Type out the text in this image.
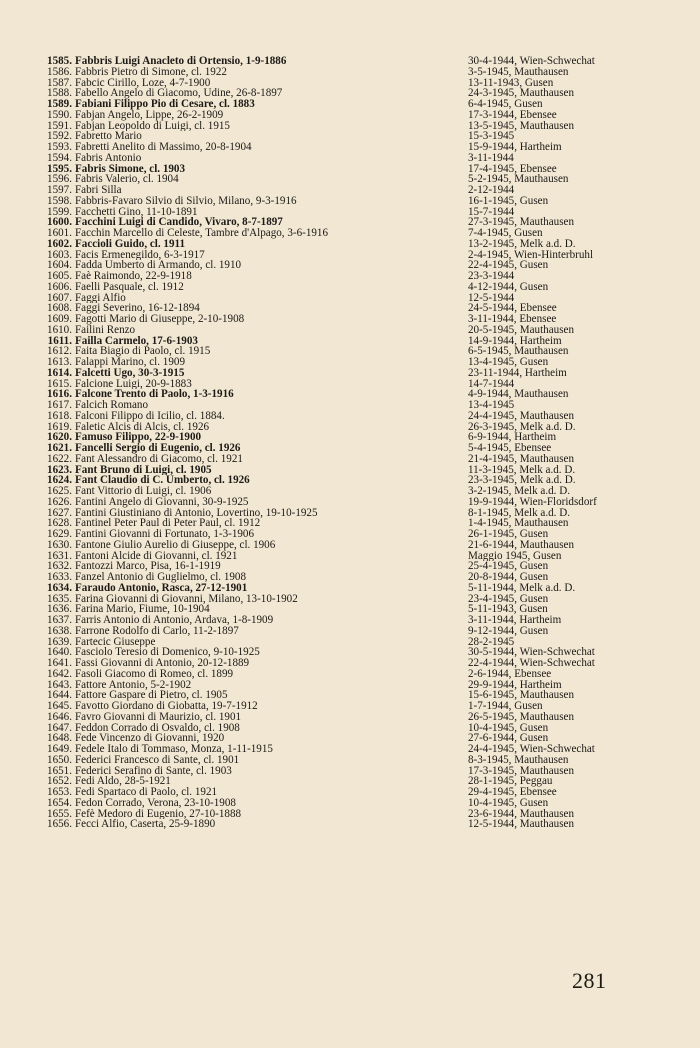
1585. Fabbris Luigi Anacleto di Ortensio, 1-9-1886	30-4-1944, Wien-Schwechat
1586. Fabbris Pietro di Simone, cl. 1922	3-5-1945, Mauthausen
1587. Fabcic Cirillo, Loze, 4-7-1900	13-11-1943, Gusen
1588. Fabello Angelo di Giacomo, Udine, 26-8-1897	24-3-1945, Mauthausen
1589. Fabiani Filippo Pio di Cesare, cl. 1883	6-4-1945, Gusen
1590. Fabjan Angelo, Lippe, 26-2-1909	17-3-1944, Ebensee
1591. Fabjan Leopoldo di Luigi, cl. 1915	13-5-1945, Mauthausen
1592. Fabretto Mario	15-3-1945
1593. Fabretti Anelito di Massimo, 20-8-1904	15-9-1944, Hartheim
1594. Fabris Antonio	3-11-1944
1595. Fabris Simone, cl. 1903	17-4-1945, Ebensee
1596. Fabris Valerio, cl. 1904	5-2-1945, Mauthausen
1597. Fabri Silla	2-12-1944
1598. Fabbris-Favaro Silvio di Silvio, Milano, 9-3-1916	16-1-1945, Gusen
1599. Facchetti Gino, 11-10-1891	15-7-1944
1600. Facchini Luigi di Candido, Vivaro, 8-7-1897	27-3-1945, Mauthausen
1601. Facchin Marcello di Celeste, Tambre d'Alpago, 3-6-1916	7-4-1945, Gusen
1602. Faccioli Guido, cl. 1911	13-2-1945, Melk a.d. D.
1603. Facis Ermenegildo, 6-3-1917	2-4-1945, Wien-Hinterbruhl
1604. Fadda Umberto di Armando, cl. 1910	22-4-1945, Gusen
1605. Faè Raimondo, 22-9-1918	23-3-1944
1606. Faelli Pasquale, cl. 1912	4-12-1944, Gusen
1607. Faggi Alfio	12-5-1944
1608. Faggi Severino, 16-12-1894	24-5-1944, Ebensee
1609. Fagotti Mario di Giuseppe, 2-10-1908	3-11-1944, Ebensee
1610. Failini Renzo	20-5-1945, Mauthausen
1611. Failla Carmelo, 17-6-1903	14-9-1944, Hartheim
1612. Faita Biagio di Paolo, cl. 1915	6-5-1945, Mauthausen
1613. Falappi Marino, cl. 1909	13-4-1945, Gusen
1614. Falcetti Ugo, 30-3-1915	23-11-1944, Hartheim
1615. Falcione Luigi, 20-9-1883	14-7-1944
1616. Falcone Trento di Paolo, 1-3-1916	4-9-1944, Mauthausen
1617. Falcich Romano	13-4-1945
1618. Falconi Filippo di Icilio, cl. 1884.	24-4-1945, Mauthausen
1619. Faletic Alcis di Alcis, cl. 1926	26-3-1945, Melk a.d. D.
1620. Famuso Filippo, 22-9-1900	6-9-1944, Hartheim
1621. Fancelli Sergio di Eugenio, cl. 1926	5-4-1945, Ebensee
1622. Fant Alessandro di Giacomo, cl. 1921	21-4-1945, Mauthausen
1623. Fant Bruno di Luigi, cl. 1905	11-3-1945, Melk a.d. D.
1624. Fant Claudio di C. Umberto, cl. 1926	23-3-1945, Melk a.d. D.
1625. Fant Vittorio di Luigi, cl. 1906	3-2-1945, Melk a.d. D.
1626. Fantini Angelo di Giovanni, 30-9-1925	19-9-1944, Wien-Floridsdorf
1627. Fantini Giustiniano di Antonio, Lovertino, 19-10-1925	8-1-1945, Melk a.d. D.
1628. Fantinel Peter Paul di Peter Paul, cl. 1912	1-4-1945, Mauthausen
1629. Fantini Giovanni di Fortunato, 1-3-1906	26-1-1945, Gusen
1630. Fantone Giulio Aurelio di Giuseppe, cl. 1906	21-6-1944, Mauthausen
1631. Fantoni Alcide di Giovanni, cl. 1921	Maggio 1945, Gusen
1632. Fantozzi Marco, Pisa, 16-1-1919	25-4-1945, Gusen
1633. Fanzel Antonio di Guglielmo, cl. 1908	20-8-1944, Gusen
1634. Faraudo Antonio, Rasca, 27-12-1901	5-11-1944, Melk a.d. D.
1635. Farina Giovanni di Giovanni, Milano, 13-10-1902	23-4-1945, Gusen
1636. Farina Mario, Fiume, 10-1904	5-11-1943, Gusen
1637. Farris Antonio di Antonio, Ardava, 1-8-1909	3-11-1944, Hartheim
1638. Farrone Rodolfo di Carlo, 11-2-1897	9-12-1944, Gusen
1639. Fartecic Giuseppe	28-2-1945
1640. Fasciolo Teresio di Domenico, 9-10-1925	30-5-1944, Wien-Schwechat
1641. Fassi Giovanni di Antonio, 20-12-1889	22-4-1944, Wien-Schwechat
1642. Fasoli Giacomo di Romeo, cl. 1899	2-6-1944, Ebensee
1643. Fattore Antonio, 5-2-1902	29-9-1944, Hartheim
1644. Fattore Gaspare di Pietro, cl. 1905	15-6-1945, Mauthausen
1645. Favotto Giordano di Giobatta, 19-7-1912	1-7-1944, Gusen
1646. Favro Giovanni di Maurizio, cl. 1901	26-5-1945, Mauthausen
1647. Feddon Corrado di Osvaldo, cl. 1908	10-4-1945, Gusen
1648. Fede Vincenzo di Giovanni, 1920	27-6-1944, Gusen
1649. Fedele Italo di Tommaso, Monza, 1-11-1915	24-4-1945, Wien-Schwechat
1650. Federici Francesco di Sante, cl. 1901	8-3-1945, Mauthausen
1651. Federici Serafino di Sante, cl. 1903	17-3-1945, Mauthausen
1652. Fedi Aldo, 28-5-1921	28-1-1945, Peggau
1653. Fedi Spartaco di Paolo, cl. 1921	29-4-1945, Ebensee
1654. Fedon Corrado, Verona, 23-10-1908	10-4-1945, Gusen
1655. Fefè Medoro di Eugenio, 27-10-1888	23-6-1944, Mauthausen
1656. Fecci Alfio, Caserta, 25-9-1890	12-5-1944, Mauthausen
281
